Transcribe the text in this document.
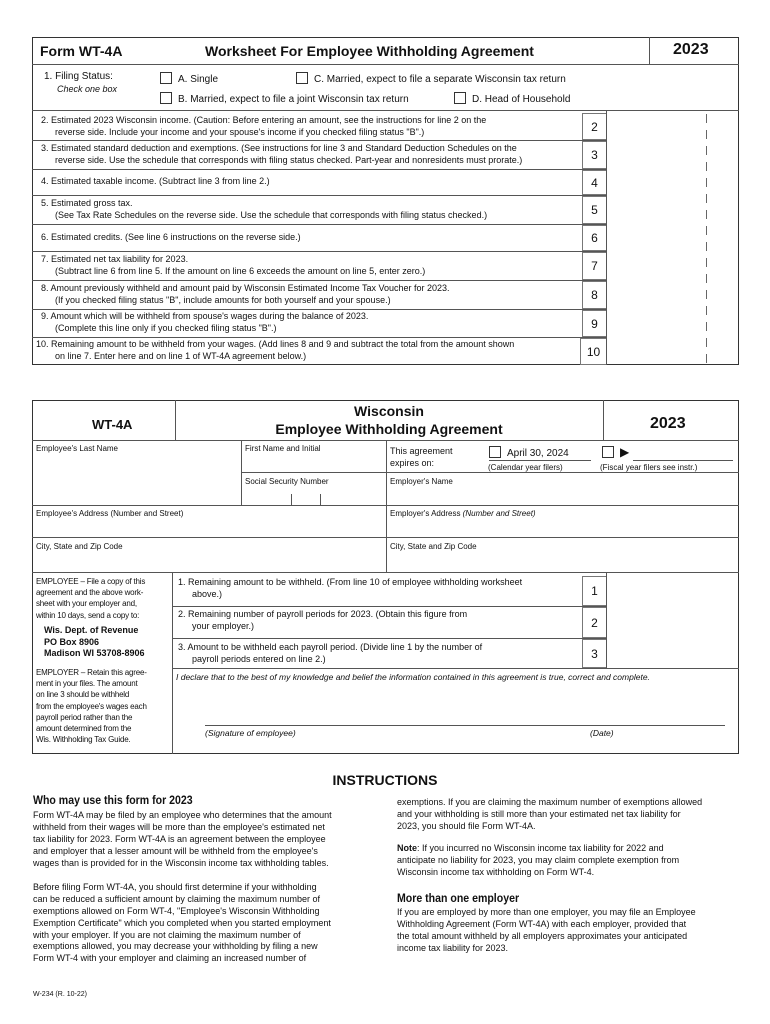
Form WT-4A	Worksheet For Employee Withholding Agreement	2023
1. Filing Status:
Check one box
A. Single	C. Married, expect to file a separate Wisconsin tax return
B. Married, expect to file a joint Wisconsin tax return	D. Head of Household
2. Estimated 2023 Wisconsin income. (Caution: Before entering an amount, see the instructions for line 2 on the
reverse side. Include your income and your spouse's income if you checked filing status "B".)	2
3. Estimated standard deduction and exemptions. (See instructions for line 3 and Standard Deduction Schedules on the
reverse side. Use the schedule that corresponds with filing status checked. Part-year and nonresidents must prorate.)	3
4. Estimated taxable income. (Subtract line 3 from line 2.)	4
5. Estimated gross tax.
(See Tax Rate Schedules on the reverse side. Use the schedule that corresponds with filing status checked.)	5
6. Estimated credits. (See line 6 instructions on the reverse side.)	6
7. Estimated net tax liability for 2023.
(Subtract line 6 from line 5. If the amount on line 6 exceeds the amount on line 5, enter zero.)	7
8. Amount previously withheld and amount paid by Wisconsin Estimated Income Tax Voucher for 2023.
(If you checked filing status "B", include amounts for both yourself and your spouse.)	8
9. Amount which will be withheld from spouse's wages during the balance of 2023.
(Complete this line only if you checked filing status "B".)	9
10. Remaining amount to be withheld from your wages. (Add lines 8 and 9 and subtract the total from the amount shown
on line 7. Enter here and on line 1 of WT-4A agreement below.)	10
WT-4A
Wisconsin
Employee Withholding Agreement	2023
Employee's Last Name	First Name and Initial	This agreement
expires on:
April 30, 2024
(Calendar year filers)
▶
(Fiscal year filers see instr.)
Social Security Number	Employer's Name
Employee's Address (Number and Street)	Employer's Address (Number and Street)
City, State and Zip Code	City, State and Zip Code
EMPLOYEE – File a copy of this
agreement and the above work-
sheet with your employer and,
within 10 days, send a copy to:
Wis. Dept. of Revenue
PO Box 8906
Madison WI 53708-8906
EMPLOYER – Retain this agree-
ment in your files. The amount
on line 3 should be withheld
from the employee's wages each
payroll period rather than the
amount determined from the
Wis. Withholding Tax Guide.
1. Remaining amount to be withheld. (From line 10 of employee withholding worksheet
above.)	1
2. Remaining number of payroll periods for 2023. (Obtain this figure from
your employer.)	2
3. Amount to be withheld each payroll period. (Divide line 1 by the number of
payroll periods entered on line 2.)	3
I declare that to the best of my knowledge and belief the information contained in this agreement is true, correct and complete.
(Signature of employee)	(Date)
INSTRUCTIONS
Who may use this form for 2023
Form WT-4A may be filed by an employee who determines that the amount
withheld from their wages will be more than the employee's estimated net
tax liability for 2023. Form WT-4A is an agreement between the employee
and employer that a lesser amount will be withheld from the employee's
wages than is provided for in the Wisconsin income tax withholding tables.
Before filing Form WT-4A, you should first determine if your withholding
can be reduced a sufficient amount by claiming the maximum number of
exemptions allowed on Form WT-4, "Employee's Wisconsin Withholding
Exemption Certificate" which you completed when you started employment
with your employer. If you are not claiming the maximum number of
exemptions allowed, you may decrease your withholding by filing a new
Form WT-4 with your employer and claiming an increased number of
exemptions. If you are claiming the maximum number of exemptions allowed
and your withholding is still more than your estimated net tax liability for
2023, you should file Form WT-4A.
Note: If you incurred no Wisconsin income tax liability for 2022 and
anticipate no liability for 2023, you may claim complete exemption from
Wisconsin income tax withholding on Form WT-4.
More than one employer
If you are employed by more than one employer, you may file an Employee
Withholding Agreement (Form WT-4A) with each employer, provided that
the total amount withheld by all employers approximates your anticipated
income tax liability for 2023.
W-234 (R. 10-22)
